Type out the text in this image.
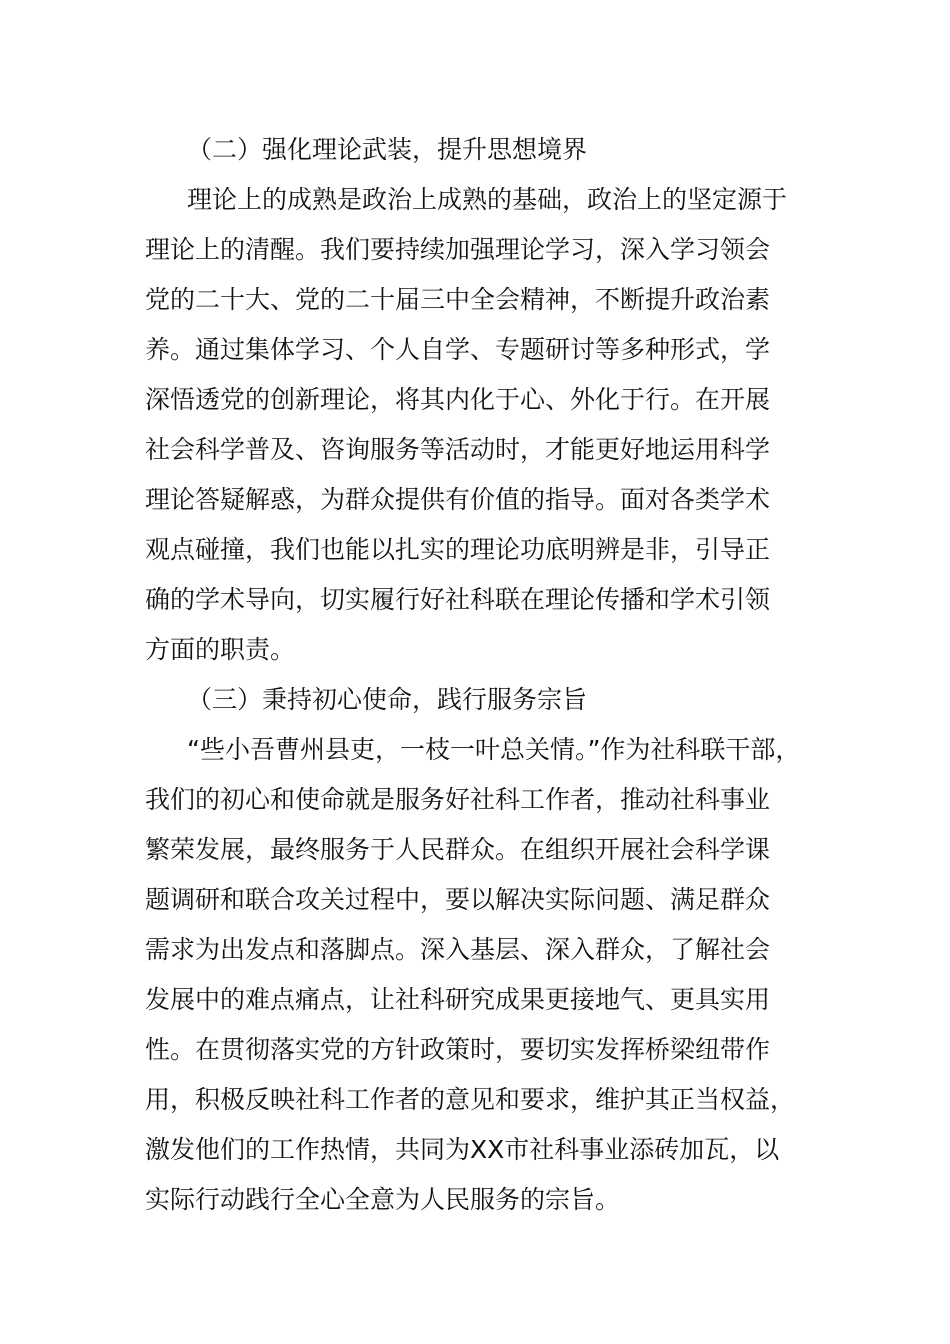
（二）强化理论武装，提升思想境界
理论上的成熟是政治上成熟的基础，政治上的坚定源于
理论上的清醒。我们要持续加强理论学习，深入学习领会
党的二十大、党的二十届三中全会精神，不断提升政治素
养。通过集体学习、个人自学、专题研讨等多种形式，学
深悟透党的创新理论，将其内化于心、外化于行。在开展
社会科学普及、咨询服务等活动时，才能更好地运用科学
理论答疑解惑，为群众提供有价值的指导。面对各类学术
观点碰撞，我们也能以扎实的理论功底明辨是非，引导正
确的学术导向，切实履行好社科联在理论传播和学术引领
方面的职责。
（三）秉持初心使命，践行服务宗旨
“些小吾曹州县吏，一枝一叶总关情。”作为社科联干部，
我们的初心和使命就是服务好社科工作者，推动社科事业
繁荣发展，最终服务于人民群众。在组织开展社会科学课
题调研和联合攻关过程中，要以解决实际问题、满足群众
需求为出发点和落脚点。深入基层、深入群众，了解社会
发展中的难点痛点，让社科研究成果更接地气、更具实用
性。在贯彻落实党的方针政策时，要切实发挥桥梁纽带作
用，积极反映社科工作者的意见和要求，维护其正当权益，
激发他们的工作热情，共同为XX市社科事业添砖加瓦，以
实际行动践行全心全意为人民服务的宗旨。
